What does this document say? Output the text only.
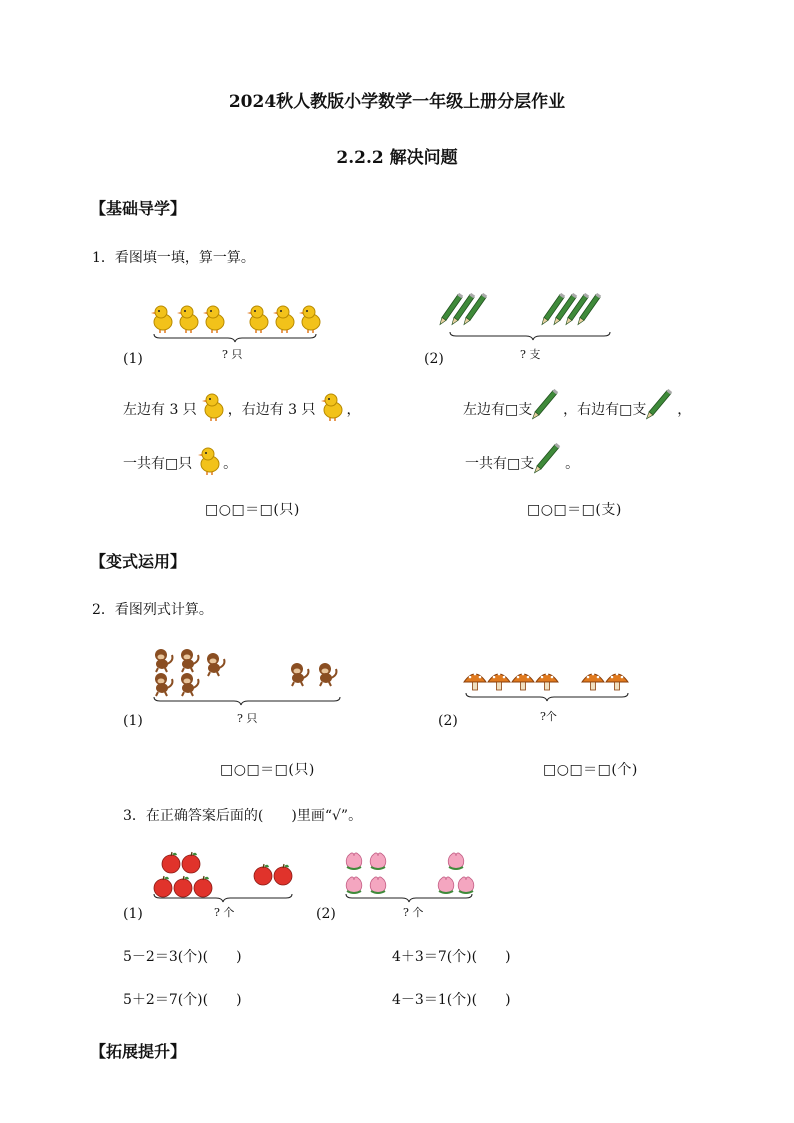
2024秋人教版小学数学一年级上册分层作业
2.2.2 解决问题
【基础导学】
1．看图填一填，算一算。
? 只
(1)	? 支
(2)
左边有 3 只 ，右边有 3 只 ，
一共有□只 。
□○□＝□(只)
左边有□支 ，右边有□支 ，
一共有□支 。
□○□＝□(支)
【变式运用】
2．看图列式计算。
? 只
(1)
□○□＝□(只)
?个
(2)
□○□＝□(个)
3．在正确答案后面的(　　)里画“√”。
? 个
(1)	? 个
(2)
5－2＝3(个)(　　)	4＋3＝7(个)(　　)
5＋2＝7(个)(　　)	4－3＝1(个)(　　)
【拓展提升】
